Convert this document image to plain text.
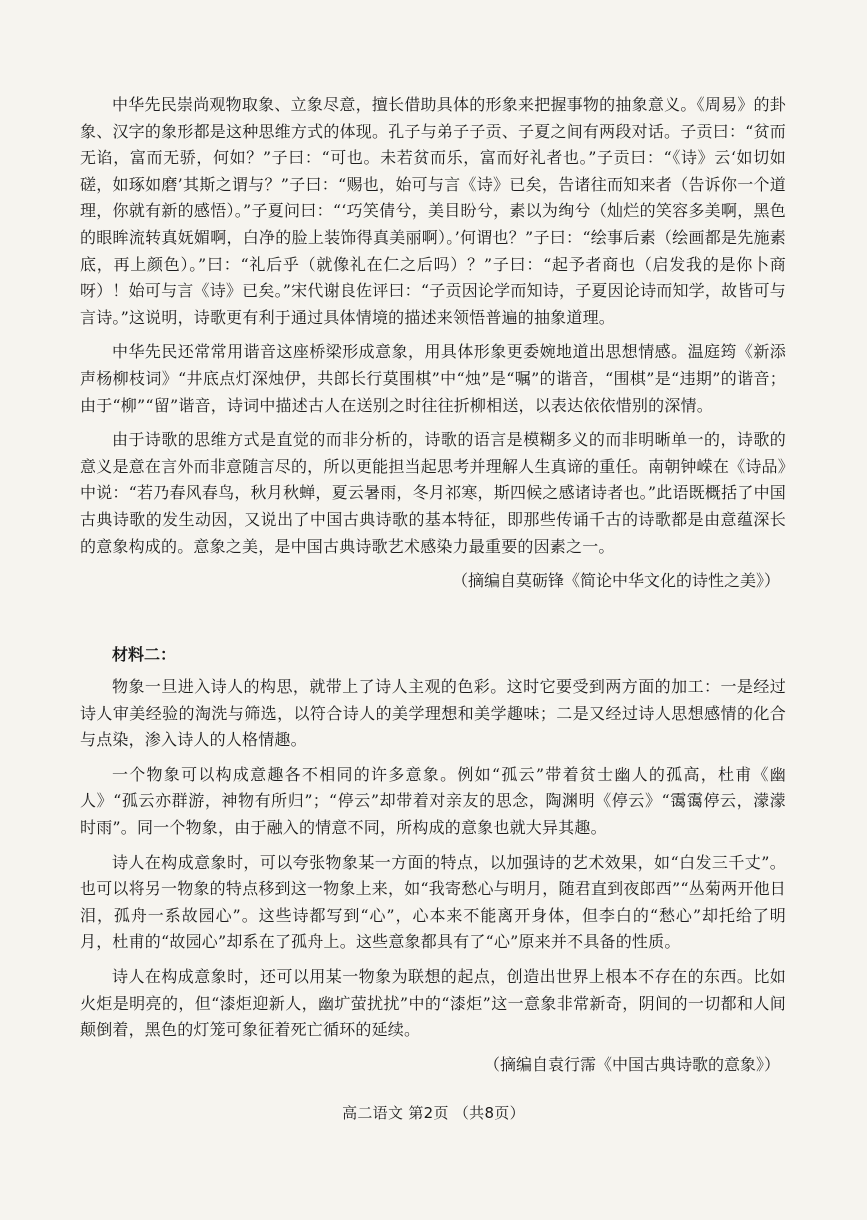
中华先民崇尚观物取象、立象尽意，擅长借助具体的形象来把握事物的抽象意义。《周易》的卦象、汉字的象形都是这种思维方式的体现。孔子与弟子子贡、子夏之间有两段对话。子贡曰：“贫而无谄，富而无骄，何如？”子曰：“可也。未若贫而乐，富而好礼者也。”子贡曰：“《诗》云‘如切如磋，如琢如磨’其斯之谓与？”子曰：“赐也，始可与言《诗》已矣，告诸往而知来者（告诉你一个道理，你就有新的感悟）。”子夏问曰：“‘巧笑倩兮，美目盼兮，素以为绚兮（灿烂的笑容多美啊，黑色的眼眸流转真妩媚啊，白净的脸上装饰得真美丽啊）。’何谓也？”子曰：“绘事后素（绘画都是先施素底，再上颜色）。”曰：“礼后乎（就像礼在仁之后吗）？”子曰：“起予者商也（启发我的是你卜商呀）！始可与言《诗》已矣。”宋代谢良佐评曰：“子贡因论学而知诗，子夏因论诗而知学，故皆可与言诗。”这说明，诗歌更有利于通过具体情境的描述来领悟普遍的抽象道理。

中华先民还常常用谐音这座桥梁形成意象，用具体形象更委婉地道出思想情感。温庭筠《新添声杨柳枝词》“井底点灯深烛伊，共郎长行莫围棋”中“烛”是“嘱”的谐音，“围棋”是“违期”的谐音；由于“柳”“留”谐音，诗词中描述古人在送别之时往往折柳相送，以表达依依惜别的深情。

由于诗歌的思维方式是直觉的而非分析的，诗歌的语言是模糊多义的而非明晰单一的，诗歌的意义是意在言外而非意随言尽的，所以更能担当起思考并理解人生真谛的重任。南朝钟嵘在《诗品》中说：“若乃春风春鸟，秋月秋蝉，夏云暑雨，冬月祁寒，斯四候之感诸诗者也。”此语既概括了中国古典诗歌的发生动因，又说出了中国古典诗歌的基本特征，即那些传诵千古的诗歌都是由意蕴深长的意象构成的。意象之美，是中国古典诗歌艺术感染力最重要的因素之一。

（摘编自莫砺锋《简论中华文化的诗性之美》）

材料二：

物象一旦进入诗人的构思，就带上了诗人主观的色彩。这时它要受到两方面的加工：一是经过诗人审美经验的淘洗与筛选，以符合诗人的美学理想和美学趣味；二是又经过诗人思想感情的化合与点染，渗入诗人的人格情趣。

一个物象可以构成意趣各不相同的许多意象。例如“孤云”带着贫士幽人的孤高，杜甫《幽人》“孤云亦群游，神物有所归”；“停云”却带着对亲友的思念，陶渊明《停云》“霭霭停云，濛濛时雨”。同一个物象，由于融入的情意不同，所构成的意象也就大异其趣。

诗人在构成意象时，可以夸张物象某一方面的特点，以加强诗的艺术效果，如“白发三千丈”。也可以将另一物象的特点移到这一物象上来，如“我寄愁心与明月，随君直到夜郎西”“丛菊两开他日泪，孤舟一系故园心”。这些诗都写到“心”，心本来不能离开身体，但李白的“愁心”却托给了明月，杜甫的“故园心”却系在了孤舟上。这些意象都具有了“心”原来并不具备的性质。

诗人在构成意象时，还可以用某一物象为联想的起点，创造出世界上根本不存在的东西。比如火炬是明亮的，但“漆炬迎新人，幽圹萤扰扰”中的“漆炬”这一意象非常新奇，阴间的一切都和人间颠倒着，黑色的灯笼可象征着死亡循环的延续。

（摘编自袁行霈《中国古典诗歌的意象》）

高二语文 第2页 （共8页）
